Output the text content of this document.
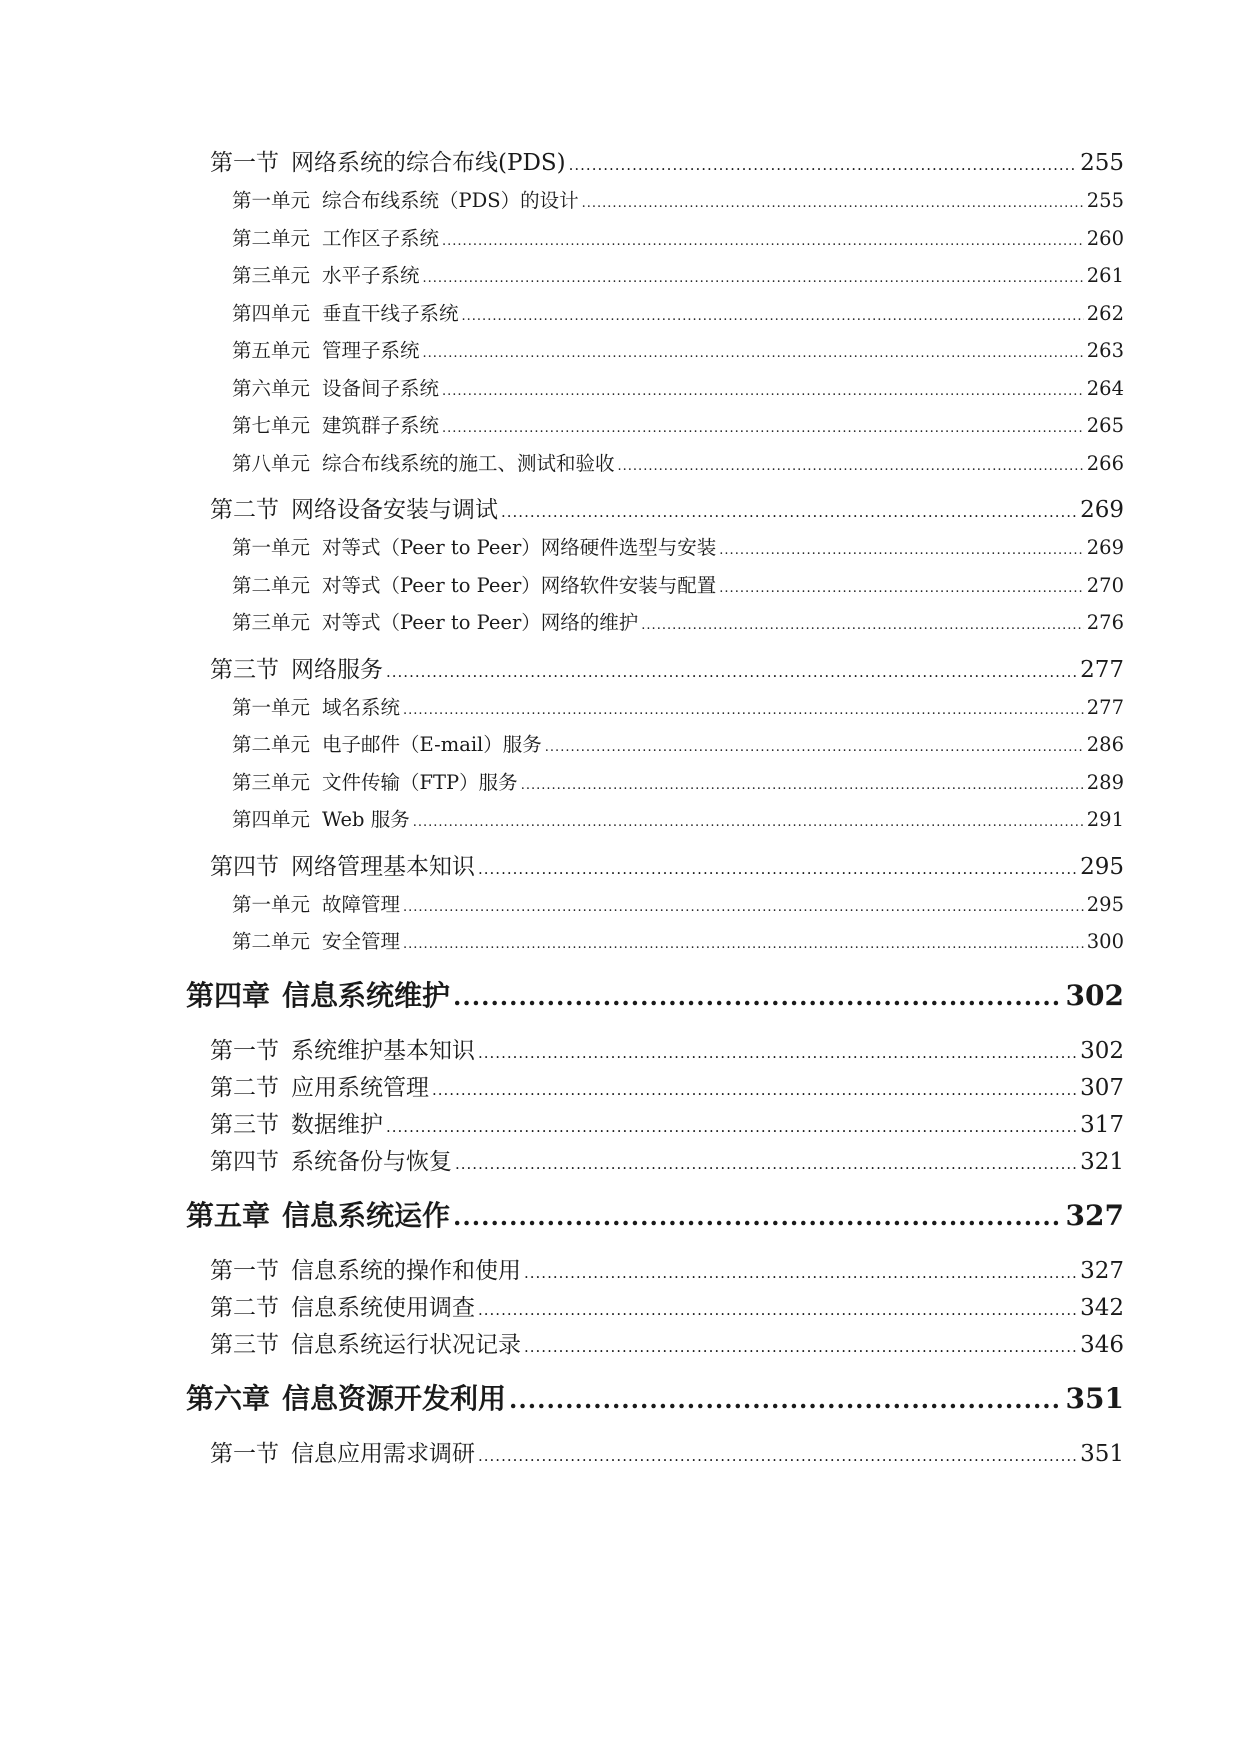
第一节 网络系统的综合布线(PDS) .....	255
第一单元 综合布线系统（PDS）的设计 .....	255
第二单元 工作区子系统 .....	260
第三单元 水平子系统 .....	261
第四单元 垂直干线子系统 .....	262
第五单元 管理子系统 .....	263
第六单元 设备间子系统 .....	264
第七单元 建筑群子系统 .....	265
第八单元 综合布线系统的施工、测试和验收 .....	266
第二节 网络设备安装与调试 .....	269
第一单元 对等式（Peer to Peer）网络硬件选型与安装 .....	269
第二单元 对等式（Peer to Peer）网络软件安装与配置 .....	270
第三单元 对等式（Peer to Peer）网络的维护 .....	276
第三节 网络服务 .....	277
第一单元 域名系统 .....	277
第二单元 电子邮件（E-mail）服务 .....	286
第三单元 文件传输（FTP）服务 .....	289
第四单元 Web 服务 .....	291
第四节 网络管理基本知识 .....	295
第一单元 故障管理 .....	295
第二单元 安全管理 .....	300
第四章 信息系统维护 .....	302
第一节 系统维护基本知识 .....	302
第二节 应用系统管理 .....	307
第三节 数据维护 .....	317
第四节 系统备份与恢复 .....	321
第五章 信息系统运作 .....	327
第一节 信息系统的操作和使用 .....	327
第二节 信息系统使用调查 .....	342
第三节 信息系统运行状况记录 .....	346
第六章 信息资源开发利用 .....	351
第一节 信息应用需求调研 .....	351
